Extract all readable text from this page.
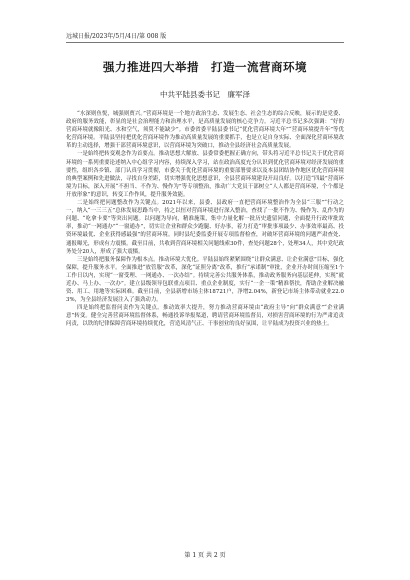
远城日报/2023年/5月/4日/第 008 版
强力推进四大举措　打造一流营商环境
中共平陆县委书记　廉军泽

“水深则鱼悦，城强则贾兴。”营商环境是一个地方政治生态、发展生态、社会生态的综合反映，展示的是党委、政府的服务效能，彰显的是社会治理能力和治理水平，是高质量发展的核心竞争力。习近平总书记多次强调：“好的营商环境就像阳光、水和空气，须臾不能缺少”。市委省委平陆县委书记“优化营商环境大年”“营商环境提升年”等优化营商环境。平陆县坚持把优化营商环境作为推动高质量发展的重要抓手，也是立足自身实际、全面深化营商环境改革的主动选择，增强干部营商环境意识，以营商环境为突破口，推动全县经济社会高质量发展。

一是始终把转变观念作为首要点。推动思想大解放、县委常委把握正确方向，带头将习近平总书记关于优化营商环境的一系列重要论述纳入中心组学习内容，持续深入学习，站在政治高度充分认识到优化营商环境对经济发展的重要性，组织各乡镇、部门认真学习贯彻，市委关于优化营商环境的重要部署要求以及本县团结协作地区优化营商环境的典型案例和先进做法，寻找自身差距，切实增强优化思想意识，全县营商环境建设开局良好。以打造“四最”营商环境为目标，深入开展“不担当、不作为、慢作为”等专项整治，推动广大党员干部树立“人人都是营商环境，个个都是开放形象”的意识，转变工作作风，提升服务效能。

二是始终把问题整改作为关键点。2021年以来，县委、县政府一直把营商环境整治作为全县“三服”“行动之一，纳入“一三三五”总体发展思路当中，持之以恒对营商环境进行深入整治，查找了一批不作为、慢作为、乱作为的问题、“吃拿卡要”等突出问题。以问题为导向，精准施策，集中力量化解一批历史遗留问题，全面提升行政审批效率，推动“一网通办”“一窗通办”，切实让企业和群众少跑腿、好办事，着力打造“审批事项最少、办事效率最高、投资环境最优、企业获得感最强”的营商环境。同时县纪委监委开展专项监督检查，对破坏营商环境的问题严肃查处、通报曝光，形成有力震慑。截至目前，共收到营商环境相关问题线索30件，查处问题28个，处理34人，其中党纪政务处分20人，形成了强大震慑。

三是始终把服务保障作为根本点。推动环境大优化。平陆县始终紧紧围绕“让群众满意、让企业满意”目标，强化保障，提升服务水平。全面推进“放管服”改革，深化“证照分离”改革，推行“承诺制”审批，企业开办时间压缩至1个工作日以内，实现“一窗受理、一网通办、一次办结”。持续完善公共服务体系，推动政务服务向基层延伸，实现“就近办、马上办、一次办”。建立县级领导包联重点项目、重点企业制度，实行“一企一策”精准帮扶，帮助企业解决融资、用工、用地等实际困难。截至目前，全县新增市场主体18721户，净增2.04%，新登记市场主体带动就业22.03%，为全县经济发展注入了强劲动力。

四是始终把监督问责作为关键点。推动效率大提升，努力推动营商环境由“政府主导”向“群众满意”“企业满意”转变。健全完善营商环境监督体系，畅通投诉举报渠道，聘请营商环境监督员，对损害营商环境的行为严肃追责问责，以铁的纪律保障营商环境持续优化，营造风清气正、干事创业的良好氛围，让平陆成为投资兴业的热土。

第 1 页 共 2 页
